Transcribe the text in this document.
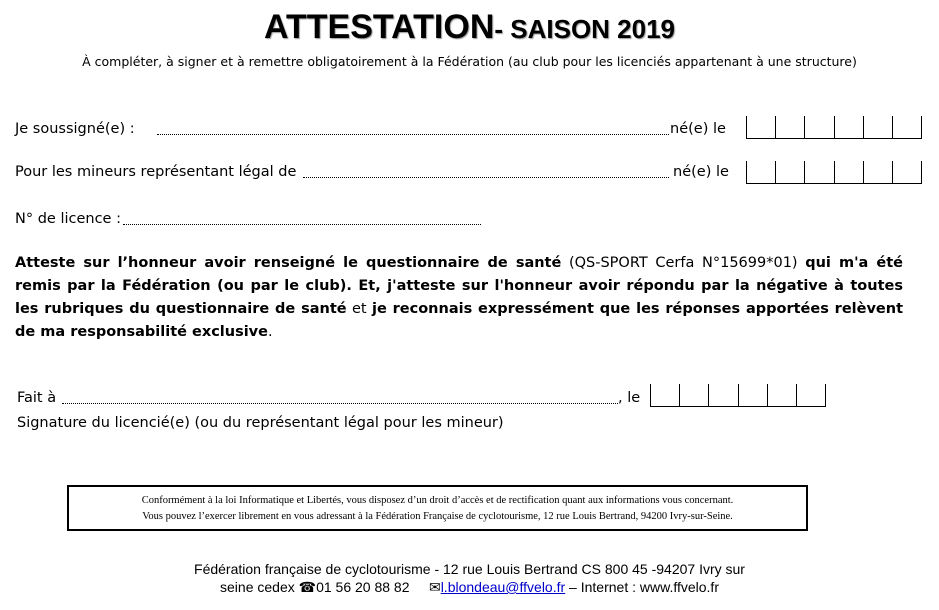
ATTESTATION- SAISON 2019
À compléter, à signer et à remettre obligatoirement à la Fédération (au club pour les licenciés appartenant à une structure)
Je soussigné(e) :	né(e) le
Pour les mineurs représentant légal de	né(e) le
N° de licence :
Atteste sur l’honneur avoir renseigné le questionnaire de santé (QS-SPORT Cerfa N°15699*01) qui m'a été remis par la Fédération (ou par le club). Et, j'atteste sur l'honneur avoir répondu par la négative à toutes les rubriques du questionnaire de santé et je reconnais expressément que les réponses apportées relèvent de ma responsabilité exclusive.
Fait à	, le
Signature du licencié(e) (ou du représentant légal pour les mineur)
Conformément à la loi Informatique et Libertés, vous disposez d’un droit d’accès et de rectification quant aux informations vous concernant.
Vous pouvez l’exercer librement en vous adressant à la Fédération Française de cyclotourisme, 12 rue Louis Bertrand, 94200 Ivry-sur-Seine.
Fédération française de cyclotourisme - 12 rue Louis Bertrand CS 800 45 -94207 Ivry sur
seine cedex ☎01 56 20 88 82 ✉l.blondeau@ffvelo.fr – Internet : www.ffvelo.fr
